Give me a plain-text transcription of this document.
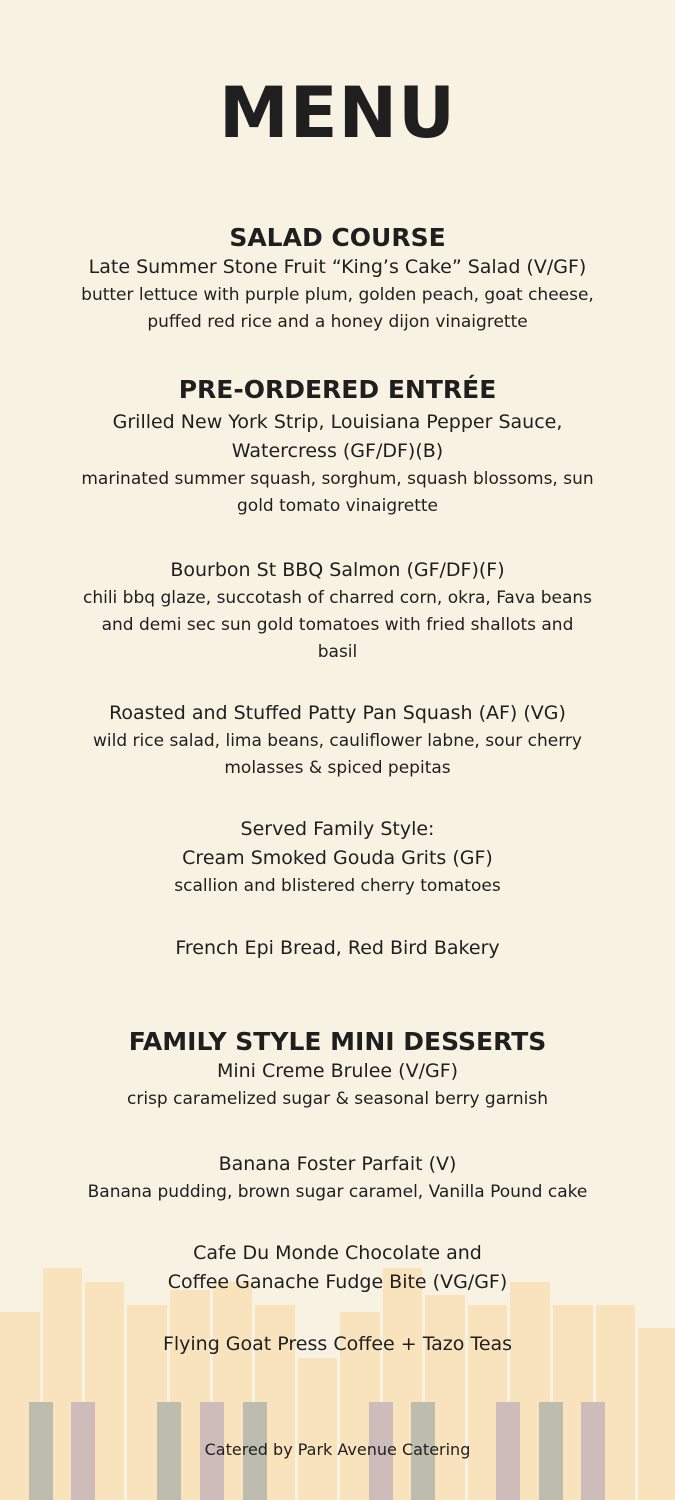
MENU

SALAD COURSE

Late Summer Stone Fruit “King’s Cake” Salad (V/GF)

butter lettuce with purple plum, golden peach, goat cheese,

puffed red rice and a honey dijon vinaigrette

PRE-ORDERED ENTRÉE

Grilled New York Strip, Louisiana Pepper Sauce,

Watercress (GF/DF)(B)

marinated summer squash, sorghum, squash blossoms, sun

gold tomato vinaigrette

Bourbon St BBQ Salmon (GF/DF)(F)

chili bbq glaze, succotash of charred corn, okra, Fava beans

and demi sec sun gold tomatoes with fried shallots and

basil

Roasted and Stuffed Patty Pan Squash (AF) (VG)

wild rice salad, lima beans, cauliflower labne, sour cherry

molasses & spiced pepitas

Served Family Style:

Cream Smoked Gouda Grits (GF)

scallion and blistered cherry tomatoes

French Epi Bread, Red Bird Bakery

FAMILY STYLE MINI DESSERTS

Mini Creme Brulee (V/GF)

crisp caramelized sugar & seasonal berry garnish

Banana Foster Parfait (V)

Banana pudding, brown sugar caramel, Vanilla Pound cake

Cafe Du Monde Chocolate and

Coffee Ganache Fudge Bite (VG/GF)

Flying Goat Press Coffee + Tazo Teas

Catered by Park Avenue Catering
